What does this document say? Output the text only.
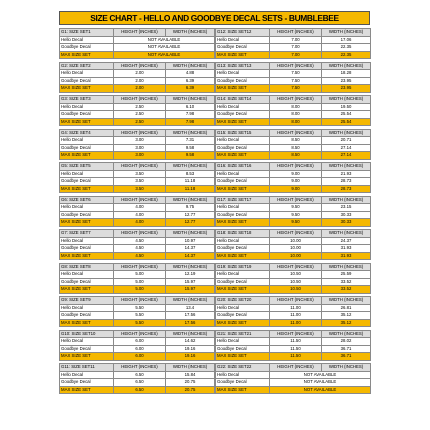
SIZE CHART - HELLO AND GOODBYE DECAL SETS - BUMBLEBEE
G1: SIZE SET1	HEIGHT (INCHES)	WIDTH (INCHES)
Hello Decal	NOT AVAILABLE	
Goodbye Decal	NOT AVAILABLE	
MAX SIZE SET	NOT AVAILABLE	
G2: SIZE SET2	HEIGHT (INCHES)	WIDTH (INCHES)
Hello Decal	2.00	4.88
Goodbye Decal	2.00	6.39
MAX SIZE SET	2.00	6.39
G3: SIZE SET3	HEIGHT (INCHES)	WIDTH (INCHES)
Hello Decal	2.50	6.10
Goodbye Decal	2.50	7.98
MAX SIZE SET	2.50	7.98
G4: SIZE SET4	HEIGHT (INCHES)	WIDTH (INCHES)
Hello Decal	3.00	7.31
Goodbye Decal	3.00	9.58
MAX SIZE SET	3.00	9.58
G5: SIZE SET5	HEIGHT (INCHES)	WIDTH (INCHES)
Hello Decal	3.50	8.53
Goodbye Decal	3.50	11.18
MAX SIZE SET	3.50	11.18
G6: SIZE SET6	HEIGHT (INCHES)	WIDTH (INCHES)
Hello Decal	4.00	9.75
Goodbye Decal	4.00	12.77
MAX SIZE SET	4.00	12.77
G7: SIZE SET7	HEIGHT (INCHES)	WIDTH (INCHES)
Hello Decal	4.50	10.97
Goodbye Decal	4.50	14.37
MAX SIZE SET	4.50	14.37
G8: SIZE SET8	HEIGHT (INCHES)	WIDTH (INCHES)
Hello Decal	5.00	12.19
Goodbye Decal	5.00	15.97
MAX SIZE SET	5.00	15.97
G9: SIZE SET9	HEIGHT (INCHES)	WIDTH (INCHES)
Hello Decal	5.50	13.4
Goodbye Decal	5.50	17.56
MAX SIZE SET	5.50	17.56
G10: SIZE SET10	HEIGHT (INCHES)	WIDTH (INCHES)
Hello Decal	6.00	14.62
Goodbye Decal	6.00	19.16
MAX SIZE SET	6.00	19.16
G11: SIZE SET11	HEIGHT (INCHES)	WIDTH (INCHES)
Hello Decal	6.50	15.84
Goodbye Decal	6.50	20.75
MAX SIZE SET	6.50	20.75
G12: SIZE SET12	HEIGHT (INCHES)	WIDTH (INCHES)
Hello Decal	7.00	17.06
Goodbye Decal	7.00	22.35
MAX SIZE SET	7.00	22.35
G13: SIZE SET13	HEIGHT (INCHES)	WIDTH (INCHES)
Hello Decal	7.50	18.28
Goodbye Decal	7.50	23.95
MAX SIZE SET	7.50	23.95
G14: SIZE SET14	HEIGHT (INCHES)	WIDTH (INCHES)
Hello Decal	8.00	19.50
Goodbye Decal	8.00	25.54
MAX SIZE SET	8.00	25.54
G15: SIZE SET15	HEIGHT (INCHES)	WIDTH (INCHES)
Hello Decal	8.50	20.71
Goodbye Decal	8.50	27.14
MAX SIZE SET	8.50	27.14
G16: SIZE SET16	HEIGHT (INCHES)	WIDTH (INCHES)
Hello Decal	9.00	21.93
Goodbye Decal	9.00	28.73
MAX SIZE SET	9.00	28.73
G17: SIZE SET17	HEIGHT (INCHES)	WIDTH (INCHES)
Hello Decal	9.50	23.15
Goodbye Decal	9.50	30.33
MAX SIZE SET	9.50	30.33
G18: SIZE SET18	HEIGHT (INCHES)	WIDTH (INCHES)
Hello Decal	10.00	24.37
Goodbye Decal	10.00	31.93
MAX SIZE SET	10.00	31.93
G19: SIZE SET19	HEIGHT (INCHES)	WIDTH (INCHES)
Hello Decal	10.50	25.59
Goodbye Decal	10.50	33.52
MAX SIZE SET	10.50	33.52
G20: SIZE SET20	HEIGHT (INCHES)	WIDTH (INCHES)
Hello Decal	11.00	26.81
Goodbye Decal	11.00	35.12
MAX SIZE SET	11.00	35.12
G21: SIZE SET21	HEIGHT (INCHES)	WIDTH (INCHES)
Hello Decal	11.50	28.02
Goodbye Decal	11.50	36.71
MAX SIZE SET	11.50	36.71
G22: SIZE SET22	HEIGHT (INCHES)	WIDTH (INCHES)
Hello Decal	NOT AVAILABLE	
Goodbye Decal	NOT AVAILABLE	
MAX SIZE SET	NOT AVAILABLE	
